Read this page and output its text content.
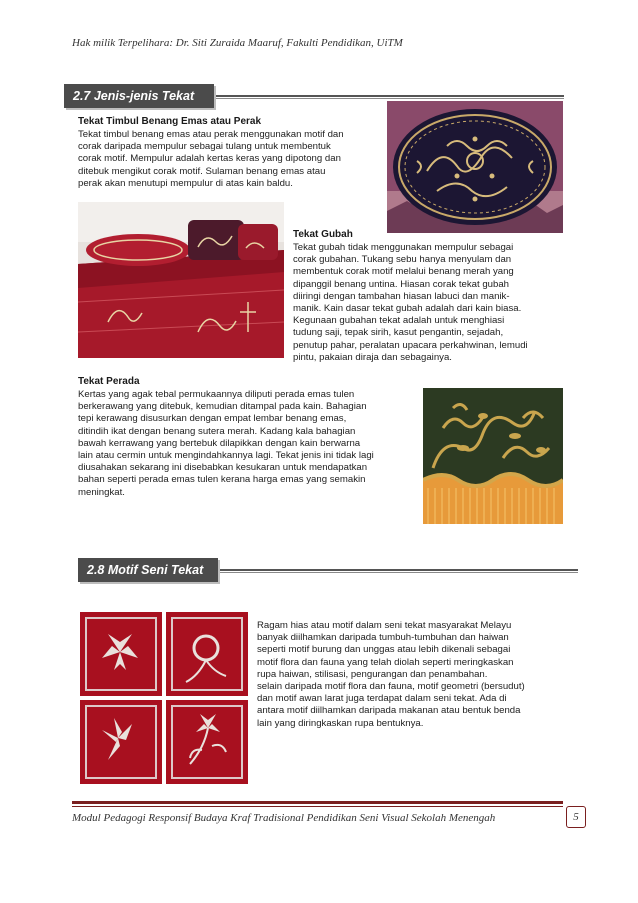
Hak milik Terpelihara: Dr. Siti Zuraida Maaruf, Fakulti Pendidikan, UiTM
2.7 Jenis-jenis Tekat
Tekat Timbul Benang Emas atau Perak
Tekat timbul benang emas atau perak menggunakan motif dan
corak daripada mempulur sebagai tulang untuk membentuk
corak motif. Mempulur adalah kertas keras yang dipotong dan
ditebuk mengikut corak motif. Sulaman benang emas atau
perak akan menutupi mempulur di atas kain baldu.
Tekat Gubah
Tekat gubah tidak menggunakan mempulur sebagai
corak gubahan. Tukang sebu hanya menyulam dan
membentuk corak motif melalui benang merah yang
dipanggil benang untina. Hiasan corak tekat gubah
diiringi dengan tambahan hiasan labuci dan manik-
manik. Kain dasar tekat gubah adalah dari kain biasa.
Kegunaan gubahan tekat adalah untuk menghiasi
tudung saji, tepak sirih, kasut pengantin, sejadah,
penutup pahar, peralatan upacara perkahwinan, lemudi
pintu, pakaian diraja dan sebagainya.
Tekat Perada
Kertas yang agak tebal permukaannya diliputi perada emas tulen
berkerawang yang ditebuk, kemudian ditampal pada kain. Bahagian
tepi kerawang disusurkan dengan empat lembar benang emas,
ditindih ikat dengan benang sutera merah. Kadang kala bahagian
bawah kerrawang yang bertebuk dilapikkan dengan kain berwarna
lain atau cermin untuk mengindahkannya lagi. Tekat jenis ini tidak lagi
diusahakan sekarang ini disebabkan kesukaran untuk mendapatkan
bahan seperti perada emas tulen kerana harga emas yang semakin
meningkat.
2.8 Motif Seni Tekat
Ragam hias atau motif dalam seni tekat masyarakat Melayu
banyak diilhamkan daripada tumbuh-tumbuhan dan haiwan
seperti motif burung dan unggas atau lebih dikenali sebagai
motif flora dan fauna yang telah diolah seperti meringkaskan
rupa haiwan, stilisasi, pengurangan dan penambahan.
selain daripada motif flora dan fauna, motif geometri (bersudut)
dan motif awan larat juga terdapat dalam seni tekat. Ada di
antara motif diilhamkan daripada makanan atau bentuk benda
lain yang diringkaskan rupa bentuknya.
Modul Pedagogi Responsif Budaya Kraf Tradisional Pendidikan Seni Visual Sekolah Menengah	5
